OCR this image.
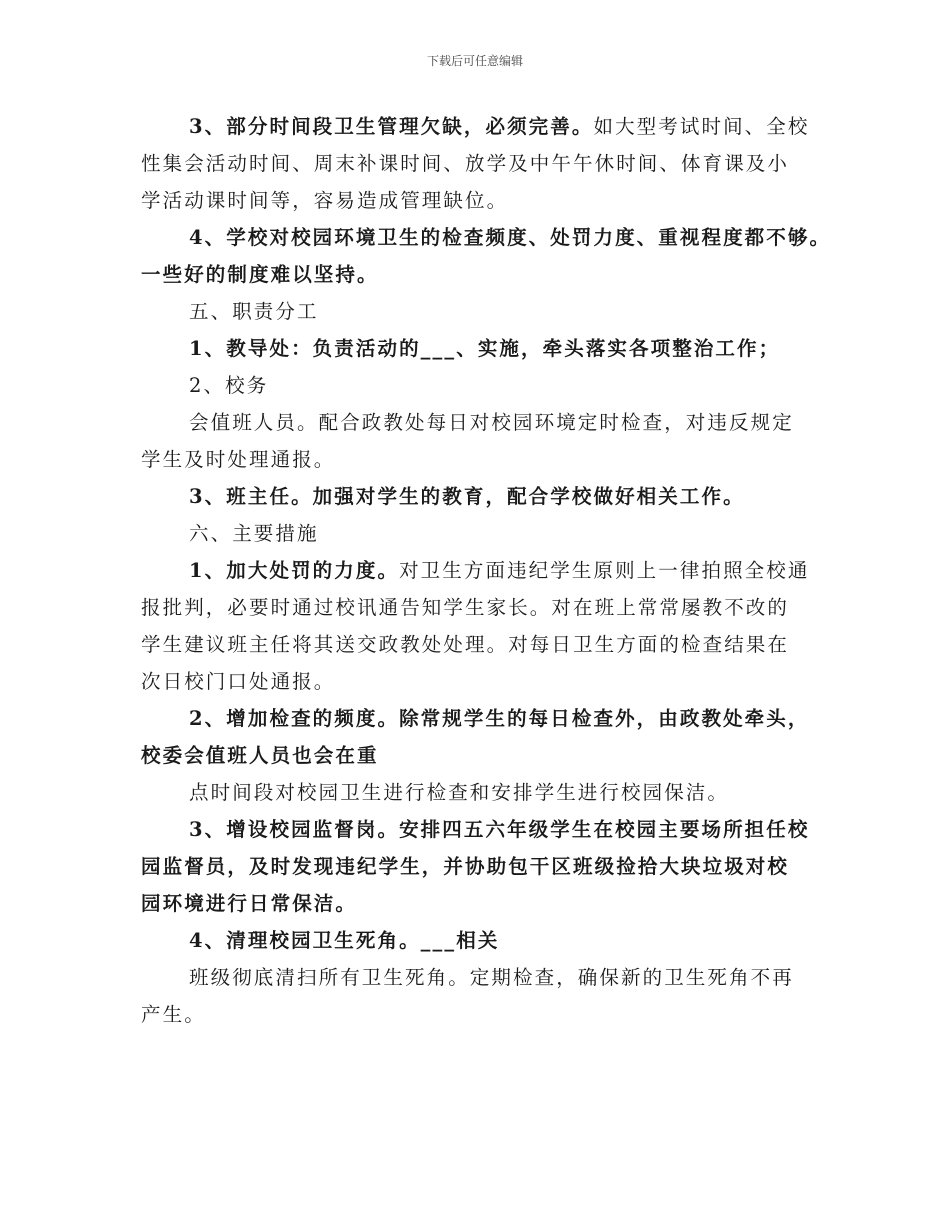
下载后可任意编辑
3、部分时间段卫生管理欠缺，必须完善。如大型考试时间、全校
性集会活动时间、周末补课时间、放学及中午午休时间、体育课及小
学活动课时间等，容易造成管理缺位。
4、学校对校园环境卫生的检查频度、处罚力度、重视程度都不够。
一些好的制度难以坚持。
五、职责分工
1、教导处：负责活动的___、实施，牵头落实各项整治工作；
2、校务
会值班人员。配合政教处每日对校园环境定时检查，对违反规定
学生及时处理通报。
3、班主任。加强对学生的教育，配合学校做好相关工作。
六、主要措施
1、加大处罚的力度。对卫生方面违纪学生原则上一律拍照全校通
报批判，必要时通过校讯通告知学生家长。对在班上常常屡教不改的
学生建议班主任将其送交政教处处理。对每日卫生方面的检查结果在
次日校门口处通报。
2、增加检查的频度。除常规学生的每日检查外，由政教处牵头，
校委会值班人员也会在重
点时间段对校园卫生进行检查和安排学生进行校园保洁。
3、增设校园监督岗。安排四五六年级学生在校园主要场所担任校
园监督员，及时发现违纪学生，并协助包干区班级捡拾大块垃圾对校
园环境进行日常保洁。
4、清理校园卫生死角。___相关
班级彻底清扫所有卫生死角。定期检查，确保新的卫生死角不再
产生。
